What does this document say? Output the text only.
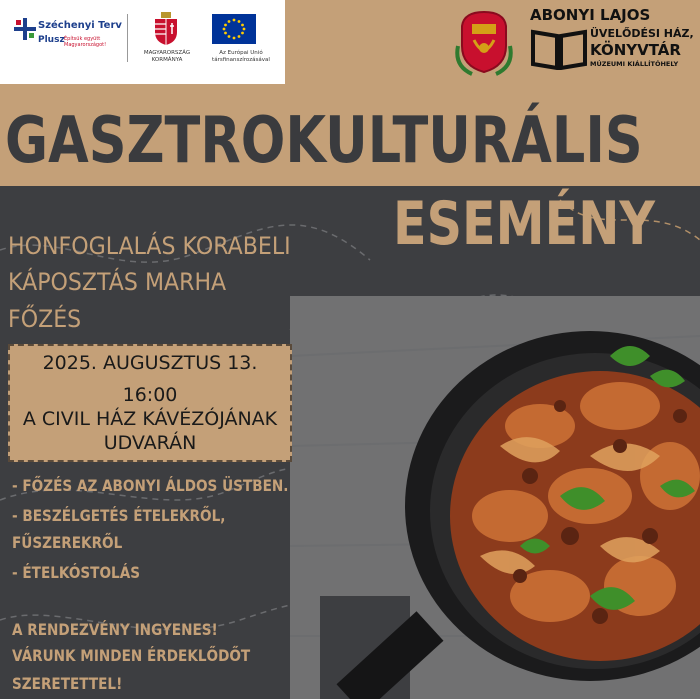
Széchenyi Terv
Plusz Építsük együtt Magyarországot!
MAGYARORSZÁG KORMÁNYA
Az Európai Unió társfinanszírozásával
ABONYI LAJOS
ÜVELŐDÉSI HÁZ,
KÖNYVTÁR
MÚZEUMI KIÁLLÍTÓHELY
GASZTROKULTURÁLIS
ESEMÉNY
HONFOGLALÁS KORABELI
KÁPOSZTÁS MARHA
FŐZÉS
2025. AUGUSZTUS 13.
16:00
A CIVIL HÁZ KÁVÉZÓJÁNAK
UDVARÁN
- FŐZÉS AZ ABONYI ÁLDOS ÜSTBEN.
- BESZÉLGETÉS ÉTELEKRŐL,
FŰSZEREKRŐL
- ÉTELKÓSTOLÁS
A RENDEZVÉNY INGYENES!
VÁRUNK MINDEN ÉRDEKLŐDŐT
SZERETETTEL!
